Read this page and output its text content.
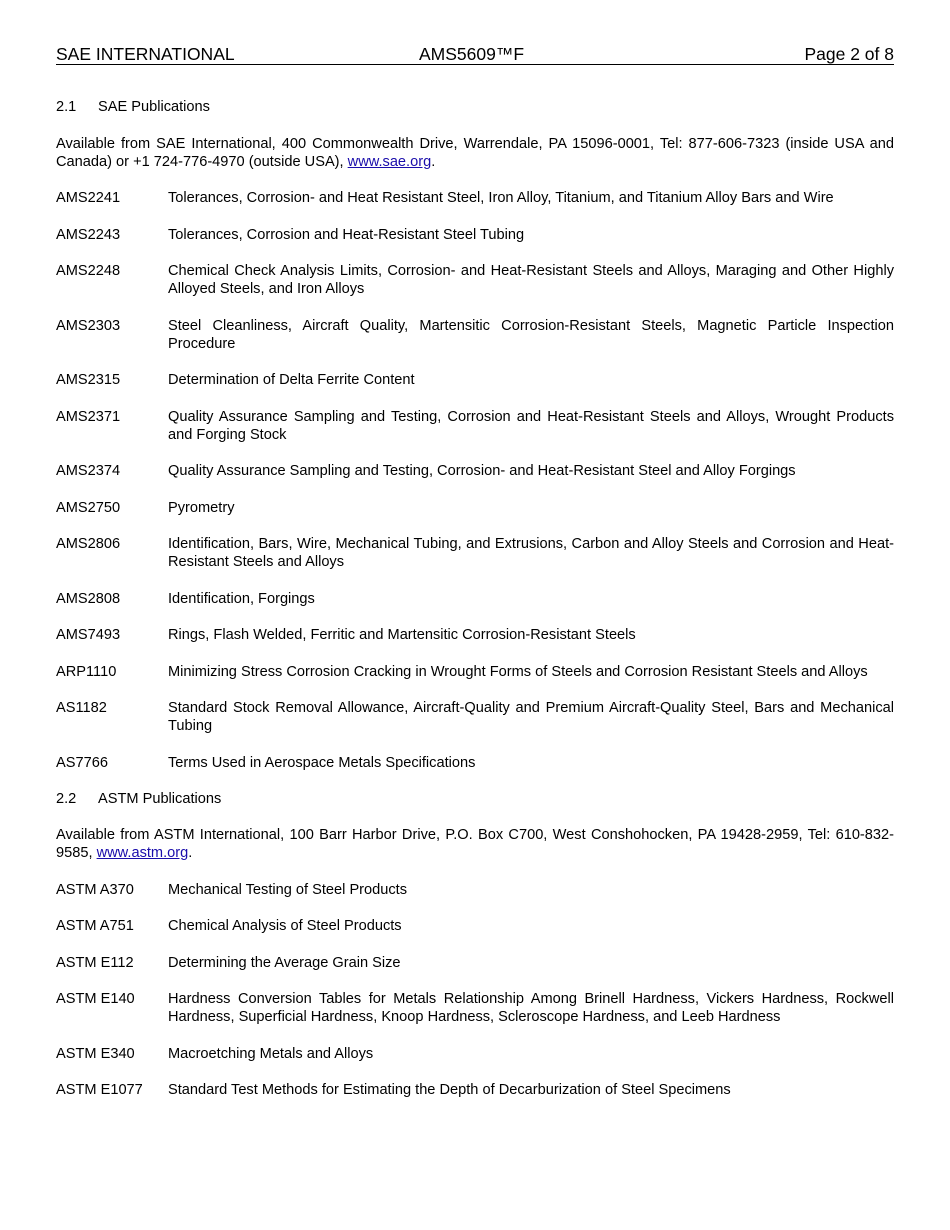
SAE INTERNATIONAL	AMS5609™F	Page 2 of 8
2.1 SAE Publications
Available from SAE International, 400 Commonwealth Drive, Warrendale, PA 15096-0001, Tel: 877-606-7323 (inside USA and Canada) or +1 724-776-4970 (outside USA), www.sae.org.
AMS2241	Tolerances, Corrosion- and Heat Resistant Steel, Iron Alloy, Titanium, and Titanium Alloy Bars and Wire
AMS2243	Tolerances, Corrosion and Heat-Resistant Steel Tubing
AMS2248	Chemical Check Analysis Limits, Corrosion- and Heat-Resistant Steels and Alloys, Maraging and Other Highly Alloyed Steels, and Iron Alloys
AMS2303	Steel Cleanliness, Aircraft Quality, Martensitic Corrosion-Resistant Steels, Magnetic Particle Inspection Procedure
AMS2315	Determination of Delta Ferrite Content
AMS2371	Quality Assurance Sampling and Testing, Corrosion and Heat-Resistant Steels and Alloys, Wrought Products and Forging Stock
AMS2374	Quality Assurance Sampling and Testing, Corrosion- and Heat-Resistant Steel and Alloy Forgings
AMS2750	Pyrometry
AMS2806	Identification, Bars, Wire, Mechanical Tubing, and Extrusions, Carbon and Alloy Steels and Corrosion and Heat-Resistant Steels and Alloys
AMS2808	Identification, Forgings
AMS7493	Rings, Flash Welded, Ferritic and Martensitic Corrosion-Resistant Steels
ARP1110	Minimizing Stress Corrosion Cracking in Wrought Forms of Steels and Corrosion Resistant Steels and Alloys
AS1182	Standard Stock Removal Allowance, Aircraft-Quality and Premium Aircraft-Quality Steel, Bars and Mechanical Tubing
AS7766	Terms Used in Aerospace Metals Specifications
2.2 ASTM Publications
Available from ASTM International, 100 Barr Harbor Drive, P.O. Box C700, West Conshohocken, PA 19428-2959, Tel: 610-832-9585, www.astm.org.
ASTM A370	Mechanical Testing of Steel Products
ASTM A751	Chemical Analysis of Steel Products
ASTM E112	Determining the Average Grain Size
ASTM E140	Hardness Conversion Tables for Metals Relationship Among Brinell Hardness, Vickers Hardness, Rockwell Hardness, Superficial Hardness, Knoop Hardness, Scleroscope Hardness, and Leeb Hardness
ASTM E340	Macroetching Metals and Alloys
ASTM E1077	Standard Test Methods for Estimating the Depth of Decarburization of Steel Specimens
